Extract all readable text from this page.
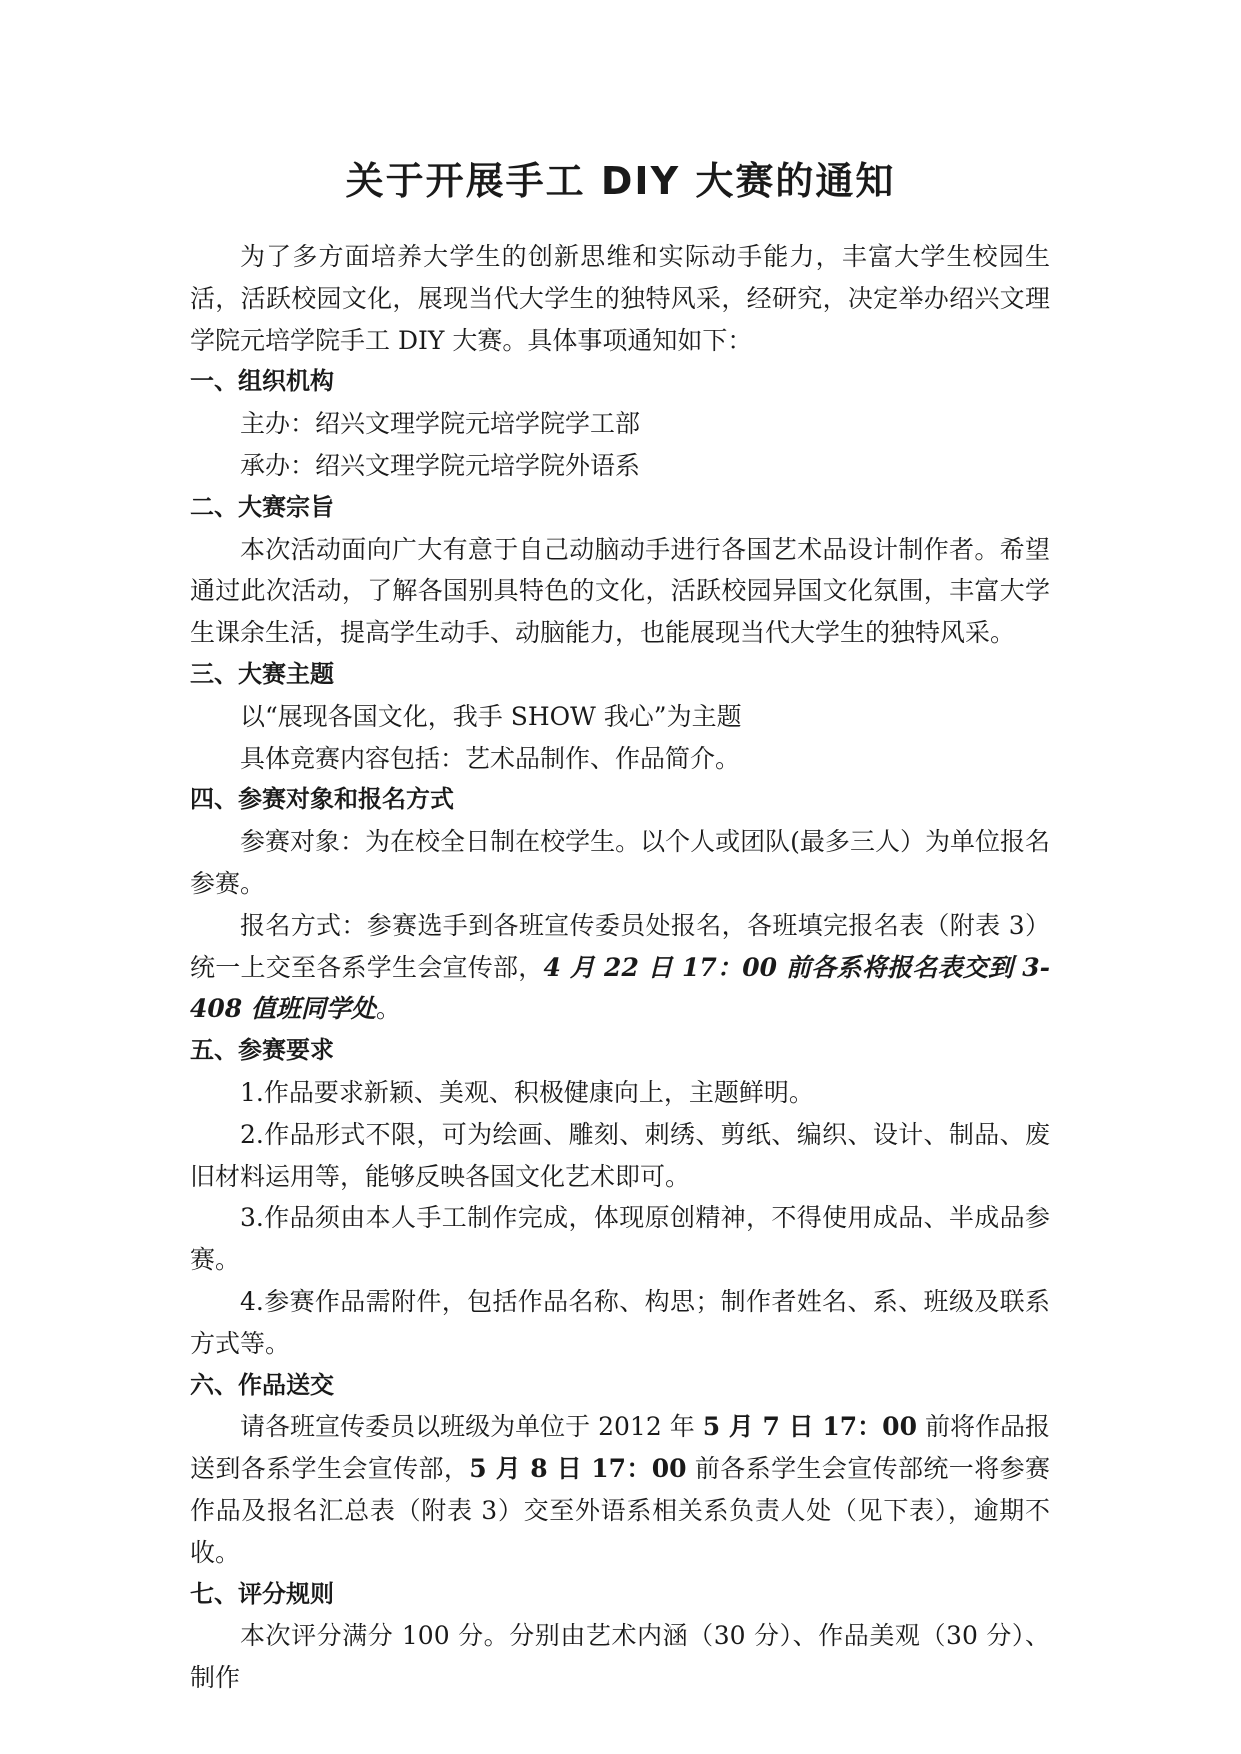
关于开展手工 DIY 大赛的通知

为了多方面培养大学生的创新思维和实际动手能力，丰富大学生校园生活，活跃校园文化，展现当代大学生的独特风采，经研究，决定举办绍兴文理学院元培学院手工 DIY 大赛。具体事项通知如下：

一、组织机构

主办：绍兴文理学院元培学院学工部

承办：绍兴文理学院元培学院外语系

二、大赛宗旨

本次活动面向广大有意于自己动脑动手进行各国艺术品设计制作者。希望通过此次活动，了解各国别具特色的文化，活跃校园异国文化氛围，丰富大学生课余生活，提高学生动手、动脑能力，也能展现当代大学生的独特风采。

三、大赛主题

以“展现各国文化，我手 SHOW 我心”为主题

具体竞赛内容包括：艺术品制作、作品简介。

四、参赛对象和报名方式

参赛对象：为在校全日制在校学生。以个人或团队(最多三人）为单位报名参赛。

报名方式：参赛选手到各班宣传委员处报名，各班填完报名表（附表 3）统一上交至各系学生会宣传部，4 月 22 日 17：00 前各系将报名表交到 3-408 值班同学处。

五、参赛要求

1.作品要求新颖、美观、积极健康向上，主题鲜明。

2.作品形式不限，可为绘画、雕刻、刺绣、剪纸、编织、设计、制品、废旧材料运用等，能够反映各国文化艺术即可。

3.作品须由本人手工制作完成，体现原创精神，不得使用成品、半成品参赛。

4.参赛作品需附件，包括作品名称、构思；制作者姓名、系、班级及联系方式等。

六、作品送交

请各班宣传委员以班级为单位于 2012 年 5 月 7 日 17：00 前将作品报送到各系学生会宣传部，5 月 8 日 17：00 前各系学生会宣传部统一将参赛作品及报名汇总表（附表 3）交至外语系相关系负责人处（见下表），逾期不收。

七、评分规则

本次评分满分 100 分。分别由艺术内涵（30 分）、作品美观（30 分）、制作
